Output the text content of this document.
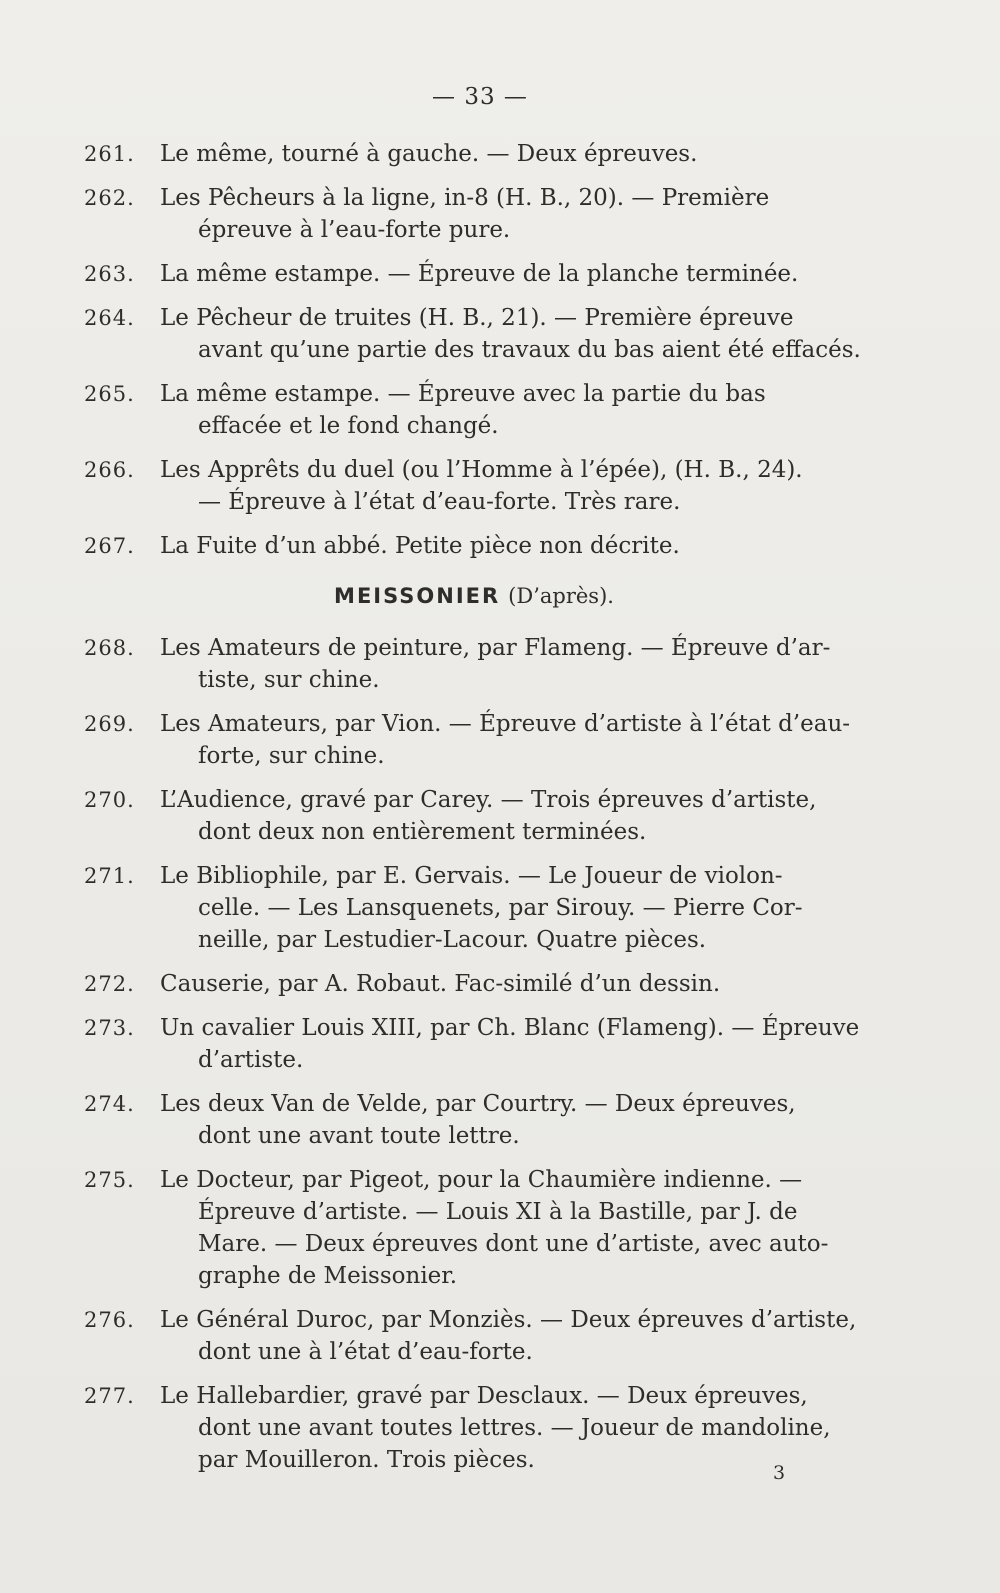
— 33 —
261.	Le même, tourné à gauche. — Deux épreuves.
262.	Les Pêcheurs à la ligne, in-8 (H. B., 20). — Première
épreuve à l’eau-forte pure.
263.	La même estampe. — Épreuve de la planche terminée.
264.	Le Pêcheur de truites (H. B., 21). — Première épreuve
avant qu’une partie des travaux du bas aient été effacés.
265.	La même estampe. — Épreuve avec la partie du bas
effacée et le fond changé.
266.	Les Apprêts du duel (ou l’Homme à l’épée), (H. B., 24).
— Épreuve à l’état d’eau-forte. Très rare.
267.	La Fuite d’un abbé. Petite pièce non décrite.
MEISSONIER (D’après).
268.	Les Amateurs de peinture, par Flameng. — Épreuve d’ar-
tiste, sur chine.
269.	Les Amateurs, par Vion. — Épreuve d’artiste à l’état d’eau-
forte, sur chine.
270.	L’Audience, gravé par Carey. — Trois épreuves d’artiste,
dont deux non entièrement terminées.
271.	Le Bibliophile, par E. Gervais. — Le Joueur de violon-
celle. — Les Lansquenets, par Sirouy. — Pierre Cor-
neille, par Lestudier-Lacour. Quatre pièces.
272.	Causerie, par A. Robaut. Fac-similé d’un dessin.
273.	Un cavalier Louis XIII, par Ch. Blanc (Flameng). — Épreuve
d’artiste.
274.	Les deux Van de Velde, par Courtry. — Deux épreuves,
dont une avant toute lettre.
275.	Le Docteur, par Pigeot, pour la Chaumière indienne. —
Épreuve d’artiste. — Louis XI à la Bastille, par J. de
Mare. — Deux épreuves dont une d’artiste, avec auto-
graphe de Meissonier.
276.	Le Général Duroc, par Monziès. — Deux épreuves d’artiste,
dont une à l’état d’eau-forte.
277.	Le Hallebardier, gravé par Desclaux. — Deux épreuves,
dont une avant toutes lettres. — Joueur de mandoline,
par Mouilleron. Trois pièces.	3
